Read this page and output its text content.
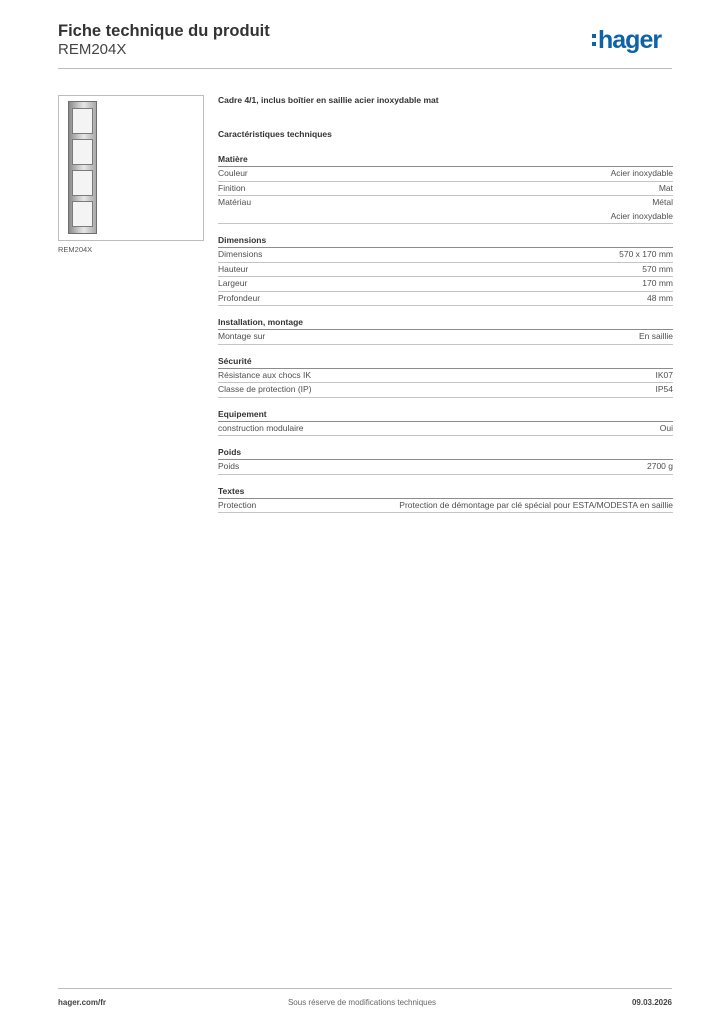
Fiche technique du produit
REM204X	hager
REM204X
Cadre 4/1, inclus boîtier en saillie acier inoxydable mat
Caractéristiques techniques
Matière
Couleur	Acier inoxydable
Finition	Mat
Matériau	Métal
Acier inoxydable
Dimensions
Dimensions	570 x 170 mm
Hauteur	570 mm
Largeur	170 mm
Profondeur	48 mm
Installation, montage
Montage sur	En saillie
Sécurité
Résistance aux chocs IK	IK07
Classe de protection (IP)	IP54
Equipement
construction modulaire	Oui
Poids
Poids	2700 g
Textes
Protection	Protection de démontage par clé spécial pour ESTA/MODESTA en saillie
hager.com/fr	Sous réserve de modifications techniques	09.03.2026
